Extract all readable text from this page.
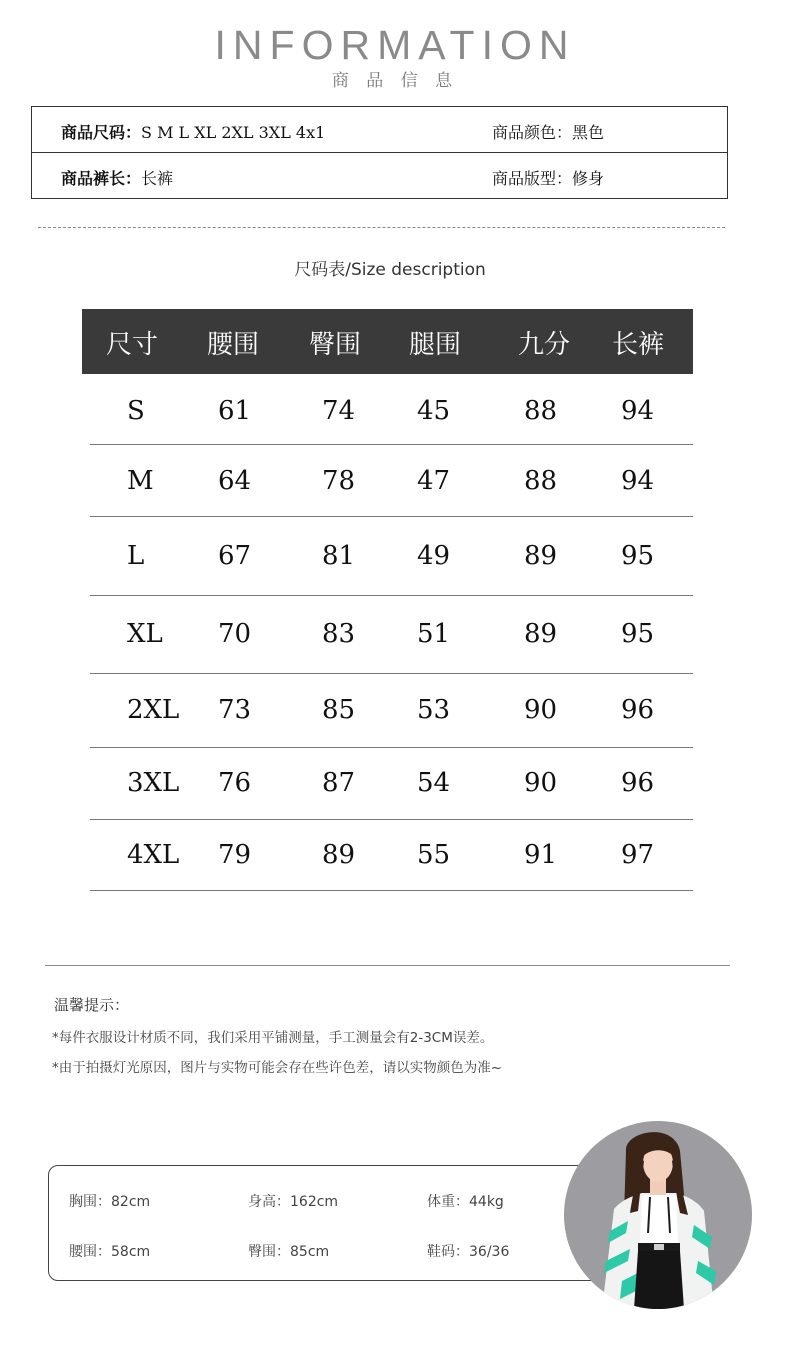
INFORMATION
商 品 信 息
商品尺码：S M L XL 2XL 3XL 4x1	商品颜色：黑色
商品裤长：长裤	商品版型：修身
尺码表/Size description
尺寸 腰围 臀围 腿围 九分 长裤
S	61	74 45	88 94
M 64	78 47	88 94
L	67	81 49	89 95
XL 70	83 51	89 95
2XL 73	85 53	90 96
3XL 76	87 54	90 96
4XL 79	89 55	91 97
温馨提示：
*每件衣服设计材质不同，我们采用平铺测量，手工测量会有2-3CM误差。
*由于拍摄灯光原因，图片与实物可能会存在些许色差，请以实物颜色为准~
胸围：82cm	身高：162cm	体重：44kg
腰围：58cm	臀围：85cm	鞋码：36/36
